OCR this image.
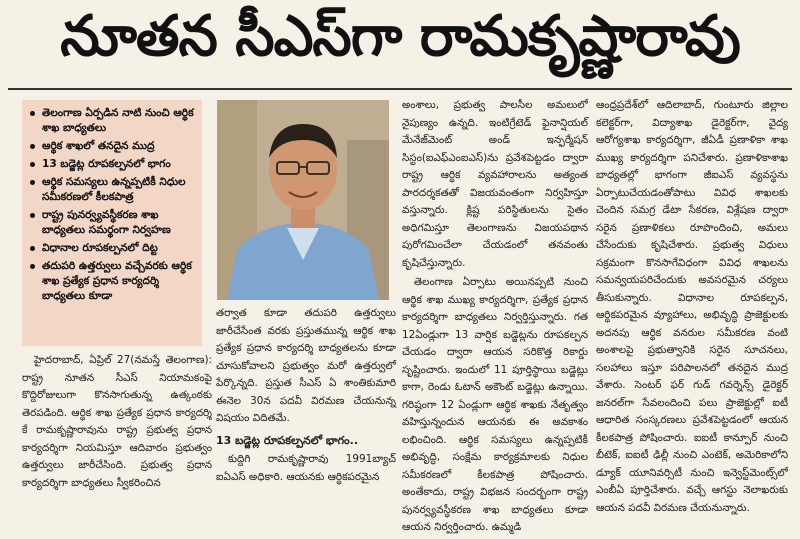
నూతన సీఎస్‌గా రామకృష్ణారావు
తెలంగాణ ఏర్పడిన నాటి నుంచి ఆర్థిక శాఖ బాధ్యతలు
ఆర్థిక శాఖలో తనదైన ముద్ర
13 బడ్జెట్ల రూపకల్పనలో భాగం
ఆర్థిక సమస్యలు ఉన్నప్పటికీ నిధుల సమీకరణలో కీలకపాత్ర
రాష్ట్ర పునర్వ్యవస్థీకరణ శాఖ బాధ్యతలు సమర్థంగా నిర్వహణ
విధానాల రూపకల్పనలో దిట్ట
తదుపరి ఉత్తర్వులు వచ్చేవరకు ఆర్థిక శాఖ ప్రత్యేక ప్రధాన కార్యదర్శి బాధ్యతలు కూడా

హైదరాబాద్, ఏప్రిల్ 27(నమస్తే తెలంగాణ): రాష్ట్ర నూతన సీఎస్ నియామకంపై కొద్దిరోజులుగా కొనసాగుతున్న ఉత్కంఠకు తెరపడింది. ఆర్థిక శాఖ ప్రత్యేక ప్రధాన కార్యదర్శి కే రామకృష్ణారావును రాష్ట్ర ప్రభుత్వ ప్రధాన కార్యదర్శిగా నియమిస్తూ ఆదివారం ప్రభుత్వం ఉత్తర్వులు జారీచేసింది. ప్రభుత్వ ప్రధాన కార్యదర్శిగా బాధ్యతలు స్వీకరించిన

తర్వాత కూడా తదుపరి ఉత్తర్వులు జారీచేసేంత వరకు ప్రస్తుతమున్న ఆర్థిక శాఖ ప్రత్యేక ప్రధాన కార్యదర్శి బాధ్యతలను కూడా చూసుకోవాలని ప్రభుత్వం మరో ఉత్తర్వులో పేర్కొన్నది. ప్రస్తుత సీఎస్ ఏ శాంతికుమారి ఈనెల 30న పదవీ విరమణ చేయనున్న విషయం విదితమే.

13 బడ్జెట్ల రూపకల్పనలో భాగం..

కుద్దిగి రామకృష్ణారావు 1991బ్యాచ్ ఐఏఎస్ అధికారి. ఆయనకు ఆర్థికపరమైన

అంశాలు, ప్రభుత్వ పాలసీల అమలులో నైపుణ్యం ఉన్నది. ఇంటిగ్రేటెడ్ ఫైనాన్షియల్ మేనేజ్‌మెంట్ అండ్ ఇన్ఫర్మేషన్ సిస్టం(ఐఎఫ్ఎంఐఎస్)ను ప్రవేశపెట్టడం ద్వారా రాష్ట్ర ఆర్థిక వ్యవహారాలను అత్యంత పారదర్శకతతో విజయవంతంగా నిర్వహిస్తూ వస్తున్నారు. క్లిష్ట పరిస్థితులను సైతం అధిగమిస్తూ తెలంగాణను విజయపథాన పురోగమించేలా చేయడంలో తనవంతు కృషిచేస్తున్నారు.

తెలంగాణ ఏర్పాటు అయినప్పటి నుంచి ఆర్థిక శాఖ ముఖ్య కార్యదర్శిగా, ప్రత్యేక ప్రధాన కార్యదర్శిగా బాధ్యతలు నిర్వర్తిస్తున్నారు. గత 12ఏండ్లుగా 13 వార్షిక బడ్జెట్లను రూపకల్పన చేయడం ద్వారా ఆయన సరికొత్త రికార్డు సృష్టించారు. ఇందులో 11 పూర్తిస్థాయి బడ్జెట్లు కాగా, రెండు ఓటాన్ అకౌంట్ బడ్జెట్లు ఉన్నాయి. గరిష్ఠంగా 12 ఏండ్లుగా ఆర్థిక శాఖకు నేతృత్వం వహిస్తున్నందున ఆయనకు ఈ అవకాశం లభించింది. ఆర్థిక సమస్యలు ఉన్నప్పటికీ అభివృద్ధి, సంక్షేమ కార్యక్రమాలకు నిధుల సమీకరణలో కీలకపాత్ర పోషించారు. అంతేకాదు, రాష్ట్ర విభజన సందర్భంగా రాష్ట్ర పునర్వ్యవస్థీకరణ శాఖ బాధ్యతలు కూడా ఆయన నిర్వర్తించారు. ఉమ్మడి

ఆంధ్రప్రదేశ్‌లో ఆదిలాబాద్, గుంటూరు జిల్లాల కలెక్టర్‌గా, విద్యాశాఖ డైరెక్టర్‌గా, వైద్య ఆరోగ్యశాఖ కార్యదర్శిగా, జీఏడీ ప్రణాళికా శాఖ ముఖ్య కార్యదర్శిగా పనిచేశారు. ప్రణాళికాశాఖ బాధ్యతల్లో భాగంగా జీఐఎస్ వ్యవస్థను ఏర్పాటుచేయడంతోపాటు వివిధ శాఖలకు చెందిన సమగ్ర డేటా సేకరణ, విశ్లేషణ ద్వారా సరైన ప్రణాళికలు రూపొందించి, అమలు చేసేందుకు కృషిచేశారు. ప్రభుత్వ విధులు సక్రమంగా కొనసాగేవిధంగా వివిధ శాఖలను సమన్వయపరిచేందుకు అవసరమైన చర్యలు తీసుకున్నారు. విధానాల రూపకల్పన, ఆర్థికపరమైన వ్యూహాలు, అభివృద్ధి ప్రాజెక్టులకు అదనపు ఆర్థిక వనరుల సమీకరణ వంటి అంశాలపై ప్రభుత్వానికి సరైన సూచనలు, సలహాలు ఇస్తూ పరిపాలనలో తనదైన ముద్ర వేశారు. సెంటర్ ఫర్ గుడ్ గవర్నెన్స్ డైరెక్టర్ జనరల్‌గా సేవలందించి పలు ప్రాజెక్టుల్లో ఐటీ ఆధారిత సంస్కరణలు ప్రవేశపెట్టడంలో ఆయన కీలకపాత్ర పోషించారు. ఐఐటీ కాన్పూర్ నుంచి బీటెక్, ఐఐటీ ఢిల్లీ నుంచి ఎంటెక్, అమెరికాలోని డ్యూక్ యూనివర్సిటీ నుంచి ఇన్వెస్ట్‌మెంట్స్‌లో ఎంబీఏ పూర్తిచేశారు. వచ్చే ఆగస్టు నెలాఖరుకు ఆయన పదవీ విరమణ చేయనున్నారు.
